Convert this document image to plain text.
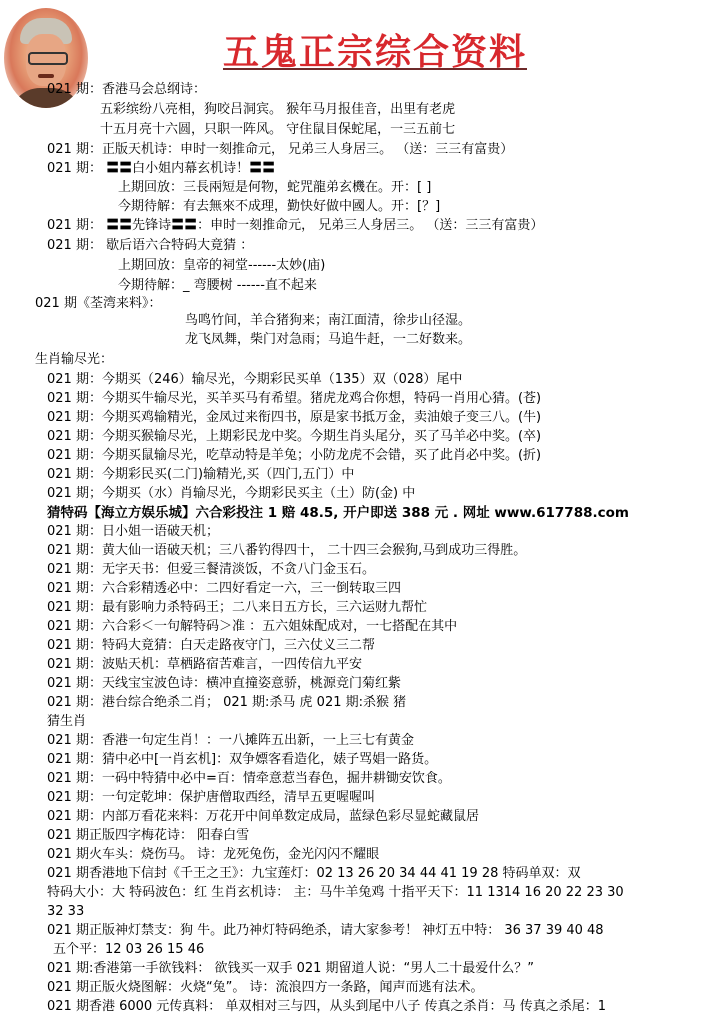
五鬼正宗综合资料
021 期：香港马会总纲诗：
五彩缤纷八亮相，狗咬吕洞宾。 猴年马月报佳音，出里有老虎
十五月亮十六圆，只职一阵风。 守住鼠目保蛇尾，一三五前七
021 期：正版天机诗：申时一刻推命元， 兄弟三人身居三。 （送：三三有富贵）
021 期： 〓〓白小姐内幕玄机诗！〓〓
上期回放：三長兩短是何物，蛇咒龍弟玄機在。开：[ ]
今期待解：有去無來不成理，勤快好做中國人。开：[？]
021 期： 〓〓先锋诗〓〓：申时一刻推命元， 兄弟三人身居三。 （送：三三有富贵）
021 期： 歇后语六合特码大竟猜 ：
上期回放：皇帝的祠堂------太妙(庙)
今期待解：_ 弯腰树 ------直不起来
021 期《荃湾来料》：
鸟鸣竹间，羊合猪狗来；南江面清，徐步山径湿。
龙飞凤舞，柴门对急雨；马追牛赶，一二好数来。
生肖输尽光：
021 期：今期买（246）输尽光，今期彩民买单（135）双（028）尾中
021 期：今期买牛输尽光，买羊买马有希望。猪虎龙鸡合你想，特码一肖用心猜。(苍)
021 期：今期买鸡输精光，金凤过来衔四书，原是家书抵万金，卖油娘子变三八。(牛)
021 期：今期买猴输尽光，上期彩民龙中奖。今期生肖头尾分，买了马羊必中奖。(卒)
021 期：今期买鼠输尽光，吃草动特是羊兔；小防龙虎不会错，买了此肖必中奖。(折)
021 期：今期彩民买(二门)输精光,买（四门,五门）中
021 期；今期买（水）肖输尽光，今期彩民买主（土）防(金) 中
猜特码【海立方娱乐城】六合彩投注 1 赔 48.5, 开户即送 388 元 . 网址 www.617788.com
021 期：日小姐一语破天机；
021 期：黄大仙一语破天机；三八番钓得四十， 二十四三会猴狗,马到成功三得胜。
021 期：无字天书：但爱三餐清淡饭，不贪八门金玉石。
021 期：六合彩精透必中：二四好看定一六，三一倒转取三四
021 期：最有影响力杀特码王；二八来日五方长，三六运财九帮忙
021 期：六合彩＜一句解特码＞准 ：五六姐妹配成对，一七搭配在其中
021 期：特码大竟猜：白天走路夜守门，三六仗义三二帮
021 期：波贴天机：草栖路宿苦难言，一四传信九平安
021 期：天线宝宝波色诗：横冲直撞姿意骄，桃源竞门菊红紫
021 期：港台综合绝杀二肖； 021 期:杀马 虎 021 期:杀猴 猪
猜生肖
021 期：香港一句定生肖！：一八摊阵五出新，一上三七有黄金
021 期：猜中必中[一肖玄机]：双争嫖客看造化，婊子骂娼一路货。
021 期：一码中特猜中必中=百：情牵意惹当春色，掘井耕锄安饮食。
021 期：一句定乾坤：保护唐僧取西经，清早五更喔喔叫
021 期：内部万看花来料：万花开中间单数定成局，蓝绿色彩尽显蛇藏鼠居
021 期正版四字梅花诗： 阳春白雪
021 期火车头：烧伤马。 诗：龙死兔伤，金光闪闪不耀眼
021 期香港地下信封《千王之王》：九宝莲灯：02 13 26 20 34 44 41 19 28 特码单双：双
特码大小：大 特码波色：红 生肖玄机诗： 主：马牛羊兔鸡 十指平天下：11 1314 16 20 22 23 30
32 33
021 期正版神灯禁支：狗 牛。此乃神灯特码绝杀，请大家参考！ 神灯五中特： 36 37 39 40 48
五个平：12 03 26 15 46
021 期:香港第一手欲钱料： 欲钱买一双手 021 期留道人说：“男人二十最爱什么？”
021 期正版火烧图解：火烧“兔”。 诗：流浪四方一条路，闻声而逃有法术。
021 期香港 6000 元传真料： 单双相对三与四，从头到尾中八子 传真之杀肖：马 传真之杀尾：1
